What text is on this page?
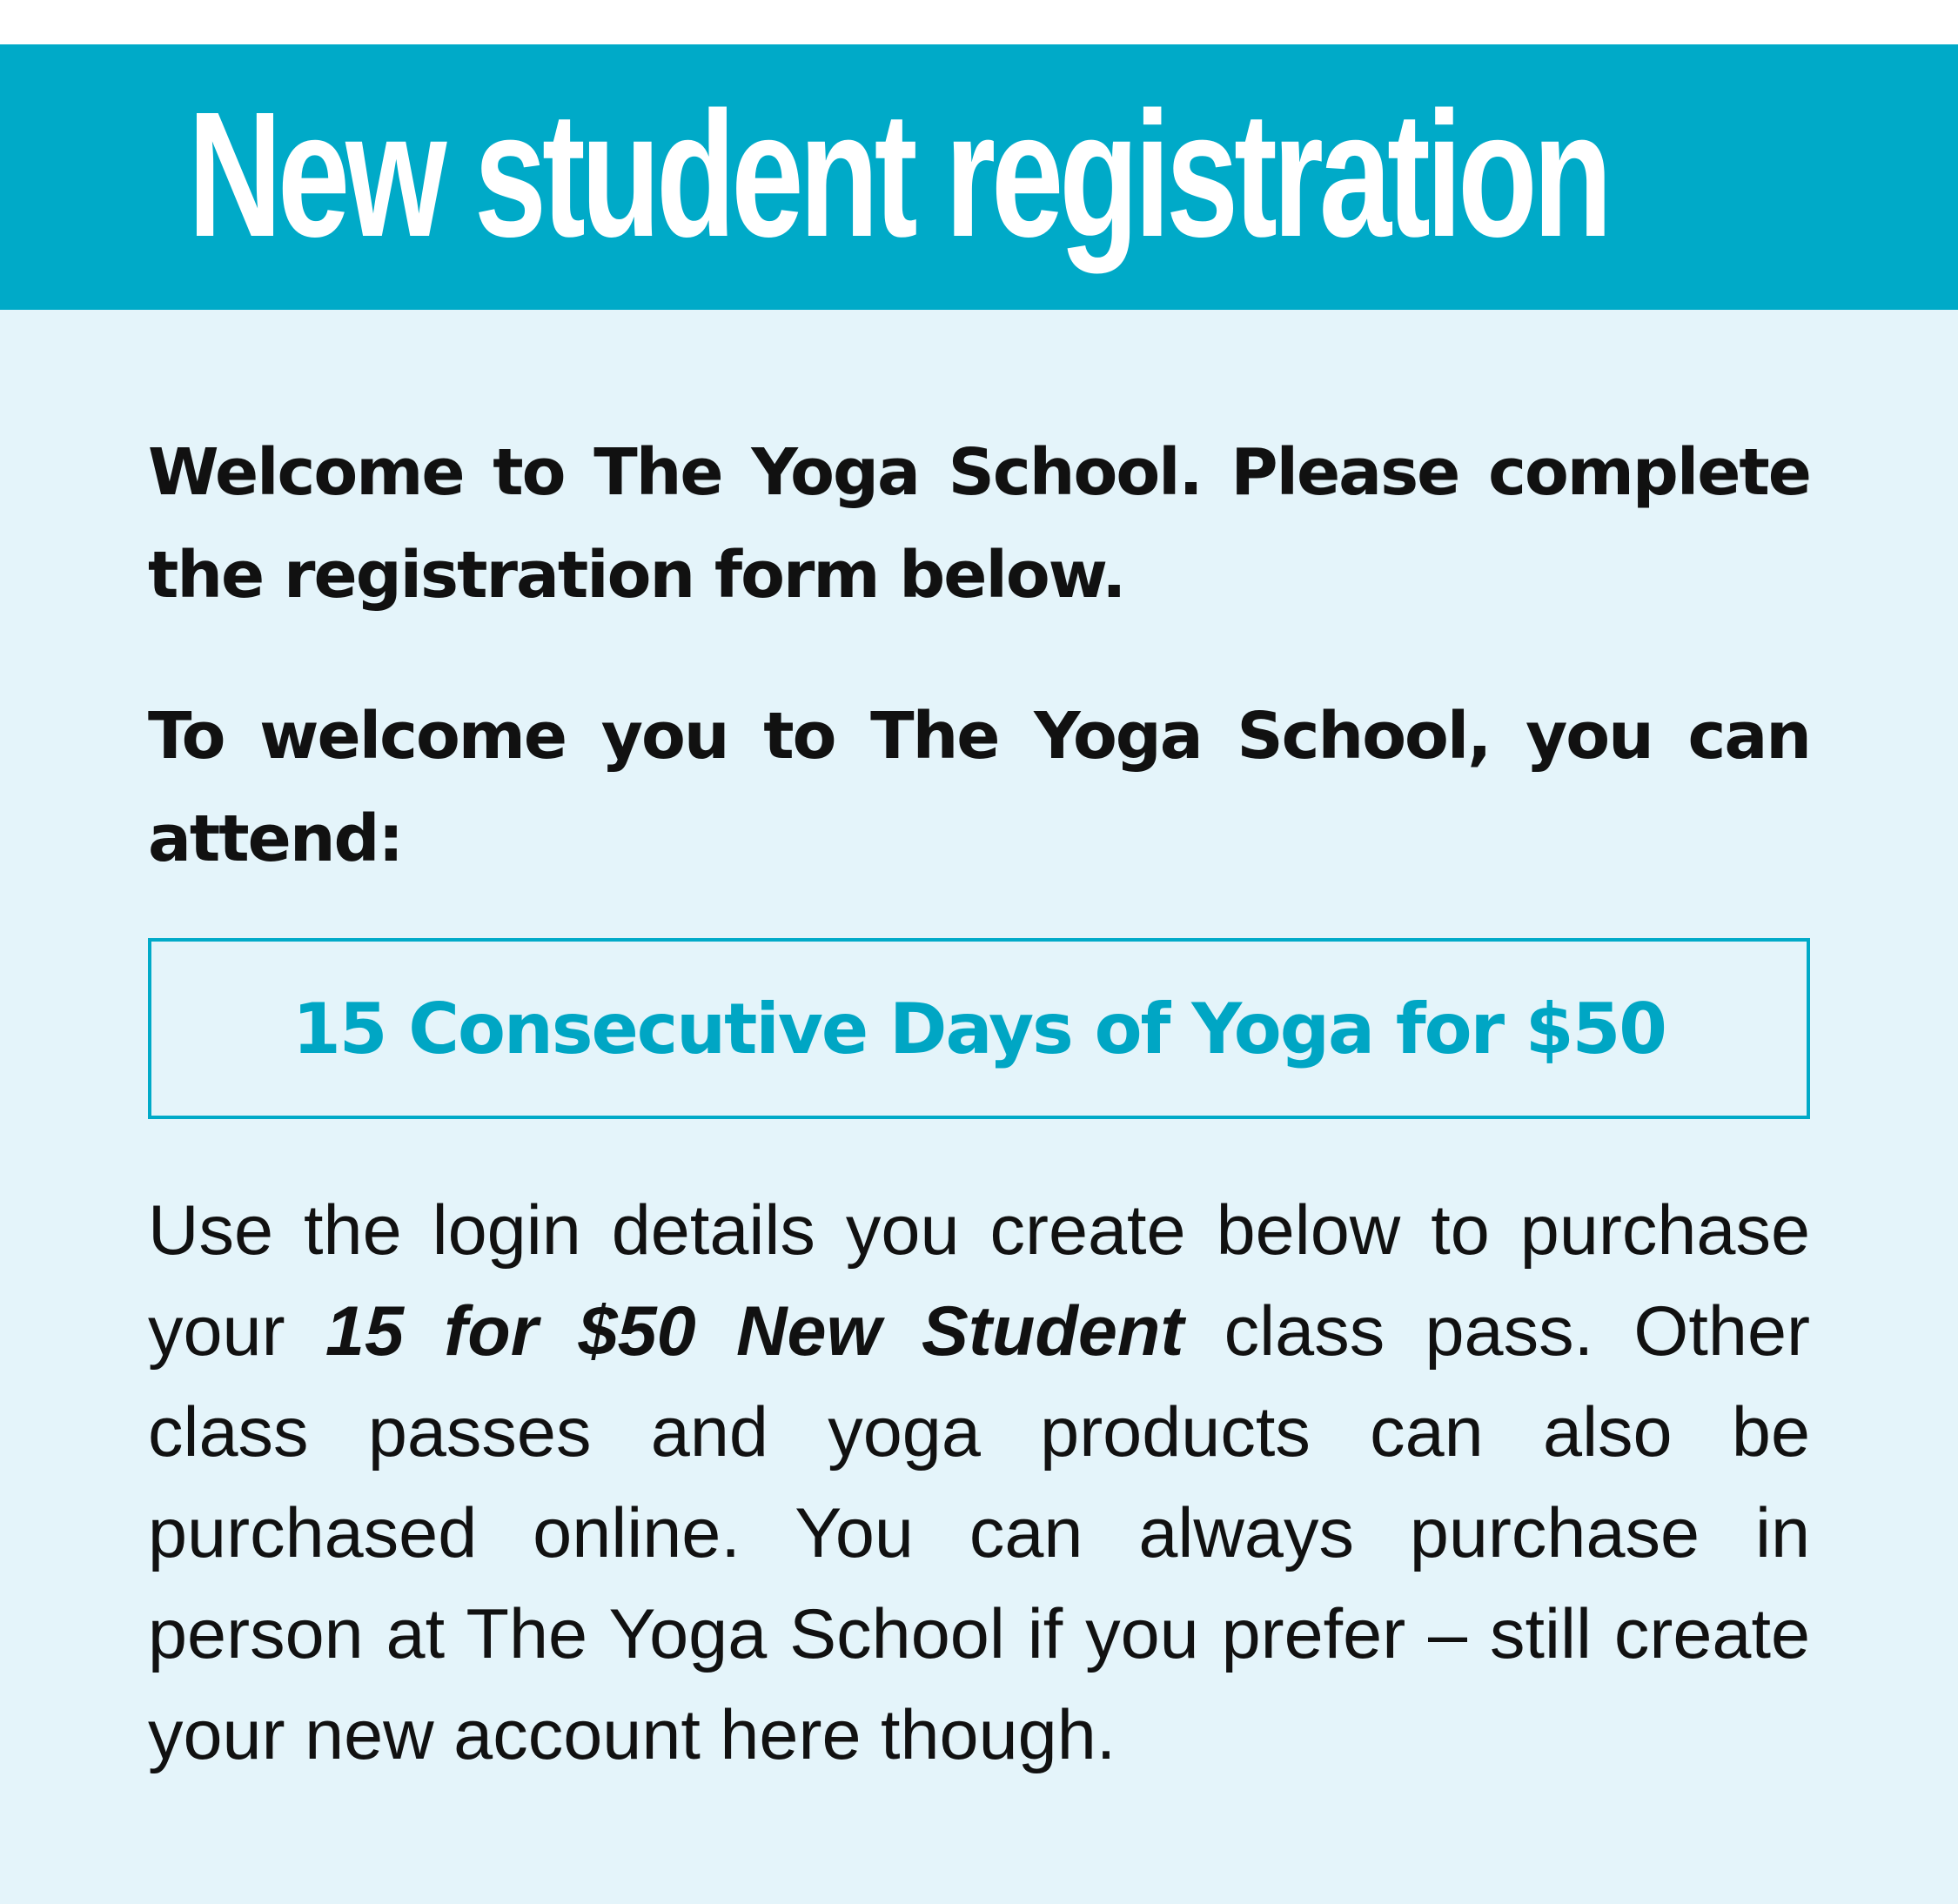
New student registration

Welcome to The Yoga School. Please complete the registration form below.

To welcome you to The Yoga School, you can attend:

15 Consecutive Days of Yoga for $50

Use the login details you create below to purchase your 15 for $50 New Student class pass. Other class passes and yoga products can also be purchased online. You can always purchase in person at The Yoga School if you prefer – still create your new account here though.
